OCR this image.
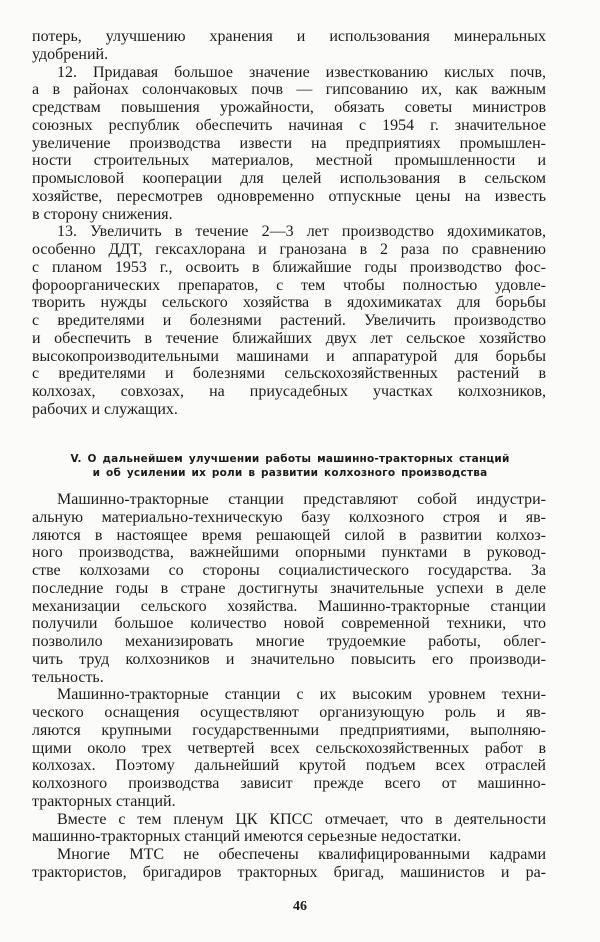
потерь, улучшению хранения и использования минеральных
удобрений.
12. Придавая большое значение известкованию кислых почв,
а в районах солончаковых почв — гипсованию их, как важным
средствам повышения урожайности, обязать советы министров
союзных республик обеспечить начиная с 1954 г. значительное
увеличение производства извести на предприятиях промышлен-
ности строительных материалов, местной промышленности и
промысловой кооперации для целей использования в сельском
хозяйстве, пересмотрев одновременно отпускные цены на известь
в сторону снижения.
13. Увеличить в течение 2—3 лет производство ядохимикатов,
особенно ДДТ, гексахлорана и гранозана в 2 раза по сравнению
с планом 1953 г., освоить в ближайшие годы производство фос-
фороорганических препаратов, с тем чтобы полностью удовле-
творить нужды сельского хозяйства в ядохимикатах для борьбы
с вредителями и болезнями растений. Увеличить производство
и обеспечить в течение ближайших двух лет сельское хозяйство
высокопроизводительными машинами и аппаратурой для борьбы
с вредителями и болезнями сельскохозяйственных растений в
колхозах, совхозах, на приусадебных участках колхозников,
рабочих и служащих.
V. О дальнейшем улучшении работы машинно-тракторных станций
и об усилении их роли в развитии колхозного производства
Машинно-тракторные станции представляют собой индустри-
альную материально-техническую базу колхозного строя и яв-
ляются в настоящее время решающей силой в развитии колхоз-
ного производства, важнейшими опорными пунктами в руковод-
стве колхозами со стороны социалистического государства. За
последние годы в стране достигнуты значительные успехи в деле
механизации сельского хозяйства. Машинно-тракторные станции
получили большое количество новой современной техники, что
позволило механизировать многие трудоемкие работы, облег-
чить труд колхозников и значительно повысить его производи-
тельность.
Машинно-тракторные станции с их высоким уровнем техни-
ческого оснащения осуществляют организующую роль и яв-
ляются крупными государственными предприятиями, выполняю-
щими около трех четвертей всех сельскохозяйственных работ в
колхозах. Поэтому дальнейший крутой подъем всех отраслей
колхозного производства зависит прежде всего от машинно-
тракторных станций.
Вместе с тем пленум ЦК КПСС отмечает, что в деятельности
машинно-тракторных станций имеются серьезные недостатки.
Многие МТС не обеспечены квалифицированными кадрами
трактористов, бригадиров тракторных бригад, машинистов и ра-
46
